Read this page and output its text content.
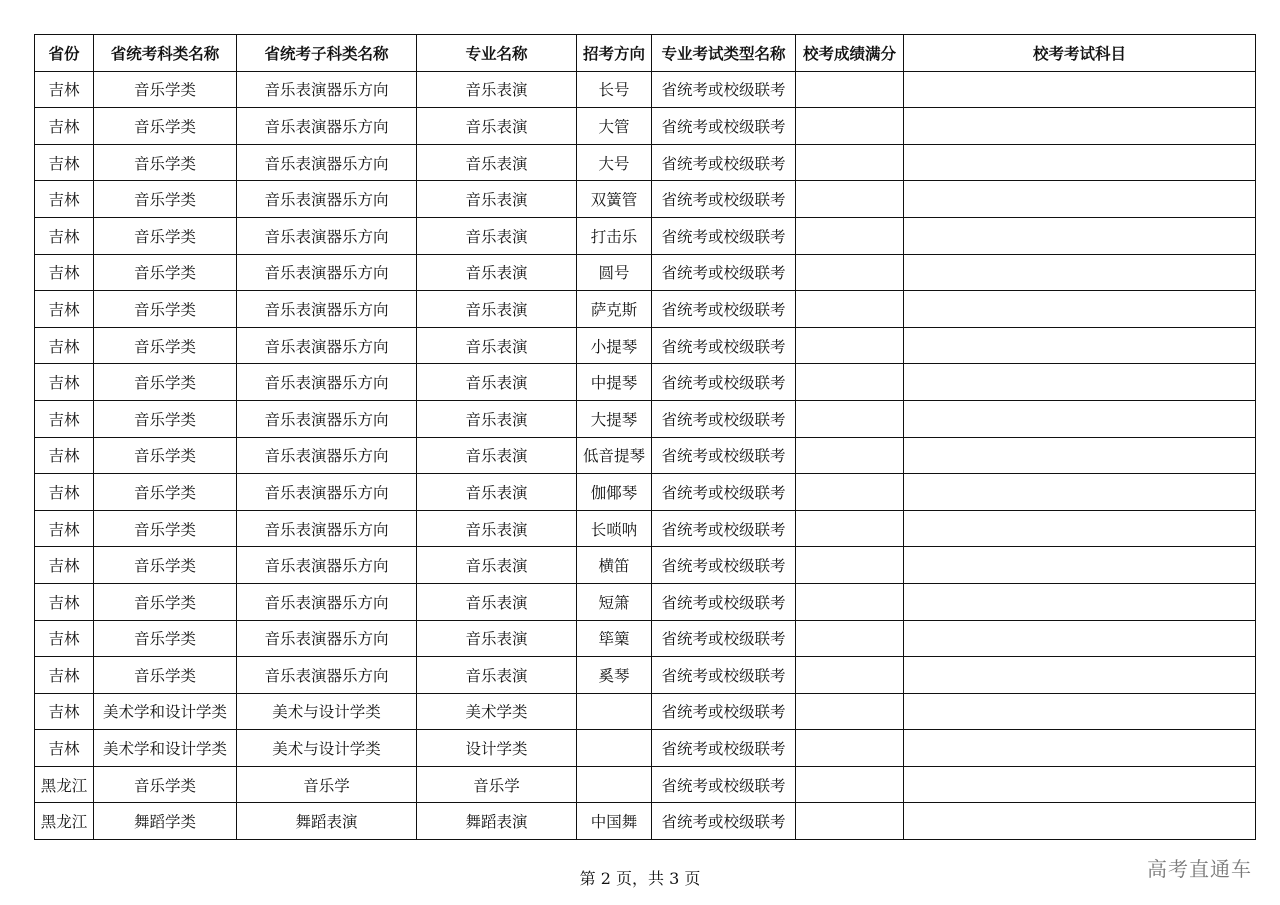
省份	省统考科类名称	省统考子科类名称	专业名称	招考方向	专业考试类型名称	校考成绩满分	校考考试科目
吉林	音乐学类	音乐表演器乐方向	音乐表演	长号	省统考或校级联考		
吉林	音乐学类	音乐表演器乐方向	音乐表演	大管	省统考或校级联考		
吉林	音乐学类	音乐表演器乐方向	音乐表演	大号	省统考或校级联考		
吉林	音乐学类	音乐表演器乐方向	音乐表演	双簧管	省统考或校级联考		
吉林	音乐学类	音乐表演器乐方向	音乐表演	打击乐	省统考或校级联考		
吉林	音乐学类	音乐表演器乐方向	音乐表演	圆号	省统考或校级联考		
吉林	音乐学类	音乐表演器乐方向	音乐表演	萨克斯	省统考或校级联考		
吉林	音乐学类	音乐表演器乐方向	音乐表演	小提琴	省统考或校级联考		
吉林	音乐学类	音乐表演器乐方向	音乐表演	中提琴	省统考或校级联考		
吉林	音乐学类	音乐表演器乐方向	音乐表演	大提琴	省统考或校级联考		
吉林	音乐学类	音乐表演器乐方向	音乐表演	低音提琴	省统考或校级联考		
吉林	音乐学类	音乐表演器乐方向	音乐表演	伽倻琴	省统考或校级联考		
吉林	音乐学类	音乐表演器乐方向	音乐表演	长唢呐	省统考或校级联考		
吉林	音乐学类	音乐表演器乐方向	音乐表演	横笛	省统考或校级联考		
吉林	音乐学类	音乐表演器乐方向	音乐表演	短箫	省统考或校级联考		
吉林	音乐学类	音乐表演器乐方向	音乐表演	筚篥	省统考或校级联考		
吉林	音乐学类	音乐表演器乐方向	音乐表演	奚琴	省统考或校级联考		
吉林	美术学和设计学类	美术与设计学类	美术学类		省统考或校级联考		
吉林	美术学和设计学类	美术与设计学类	设计学类		省统考或校级联考		
黑龙江	音乐学类	音乐学	音乐学		省统考或校级联考		
黑龙江	舞蹈学类	舞蹈表演	舞蹈表演	中国舞	省统考或校级联考		
第 2 页，共 3 页	高考直通车
